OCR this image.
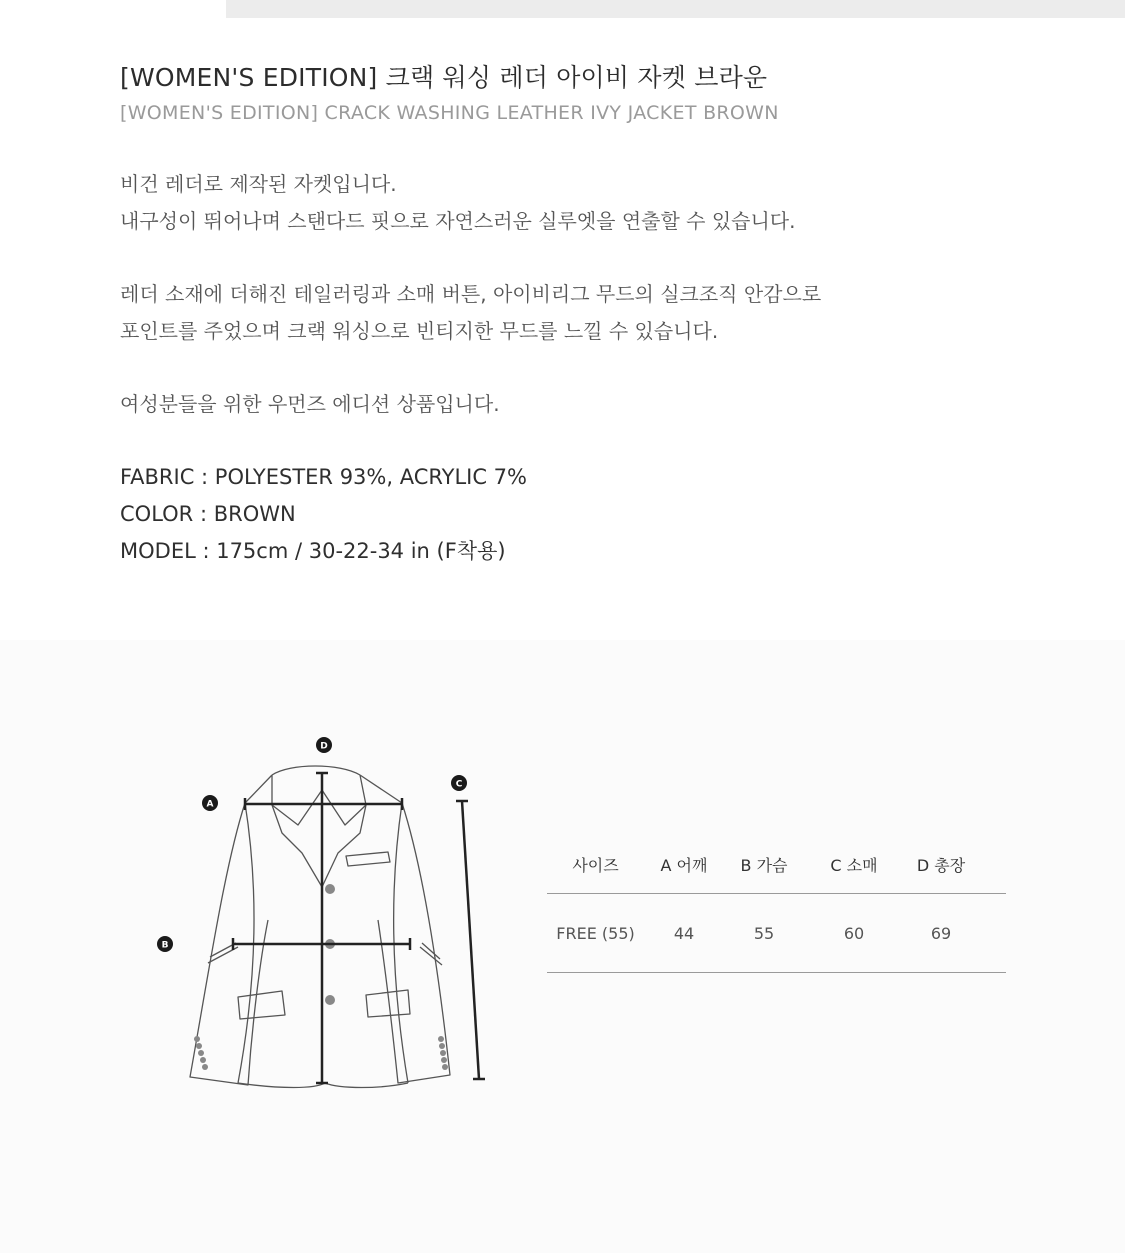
[WOMEN'S EDITION] 크랙 워싱 레더 아이비 자켓 브라운
[WOMEN'S EDITION] CRACK WASHING LEATHER IVY JACKET BROWN
비건 레더로 제작된 자켓입니다.
내구성이 뛰어나며 스탠다드 핏으로 자연스러운 실루엣을 연출할 수 있습니다.
레더 소재에 더해진 테일러링과 소매 버튼, 아이비리그 무드의 실크조직 안감으로
포인트를 주었으며 크랙 워싱으로 빈티지한 무드를 느낄 수 있습니다.
여성분들을 위한 우먼즈 에디션 상품입니다.
FABRIC : POLYESTER 93%, ACRYLIC 7%
COLOR : BROWN
MODEL : 175cm / 30-22-34 in (F착용)
A
B
C
D
사이즈	A 어깨	B 가슴	C 소매	D 총장
FREE (55)	44	55	60	69
